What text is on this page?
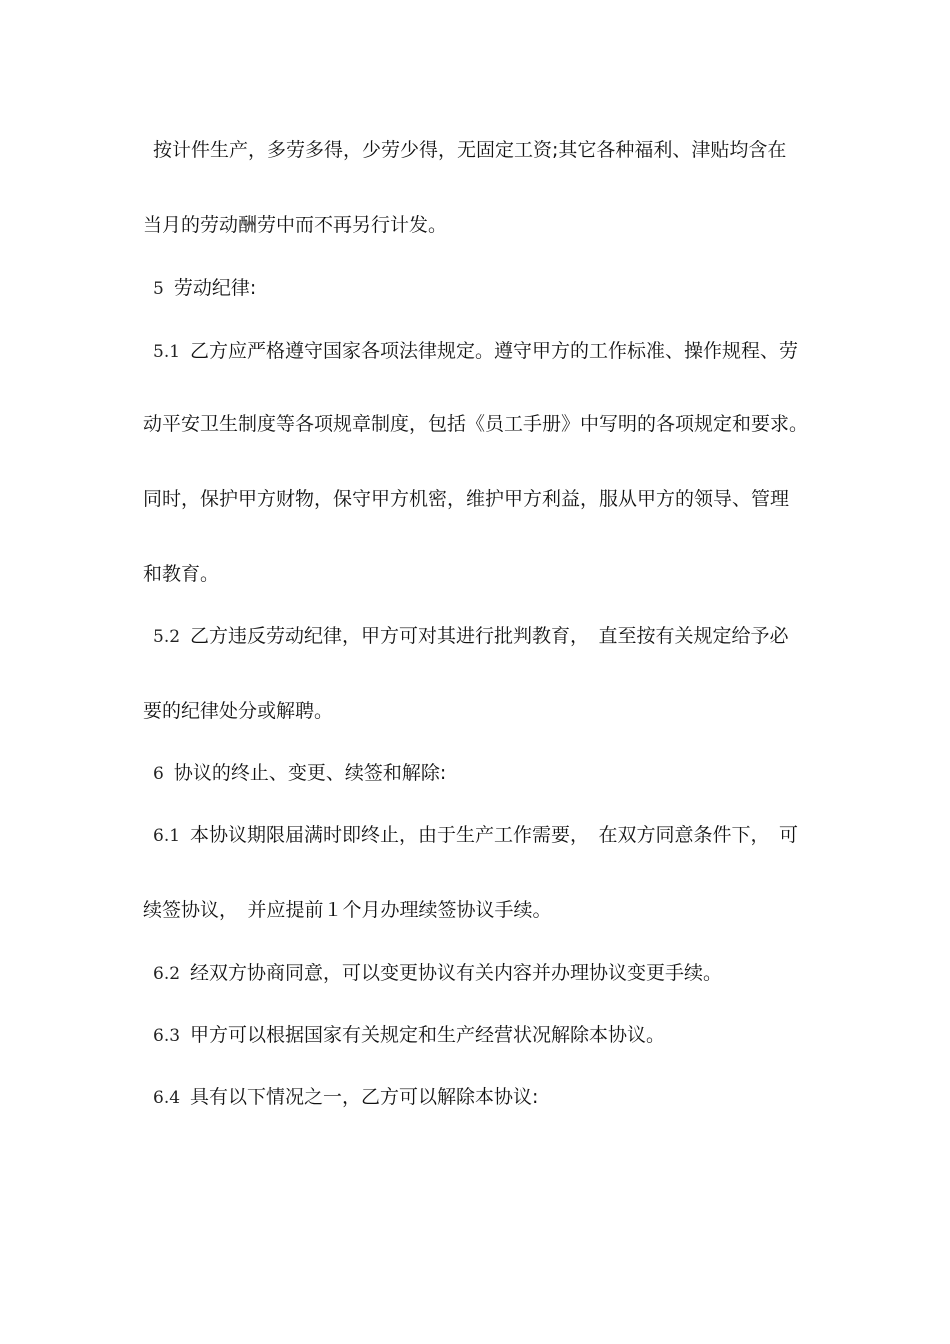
按计件生产，多劳多得，少劳少得，无固定工资;其它各种福利、津贴均含在
当月的劳动酬劳中而不再另行计发。
5 劳动纪律:
5.1 乙方应严格遵守国家各项法律规定。遵守甲方的工作标准、操作规程、劳
动平安卫生制度等各项规章制度，包括《员工手册》中写明的各项规定和要求。
同时，保护甲方财物，保守甲方机密，维护甲方利益，服从甲方的领导、管理
和教育。
5.2 乙方违反劳动纪律，甲方可对其进行批判教育，　直至按有关规定给予必
要的纪律处分或解聘。
6 协议的终止、变更、续签和解除:
6.1 本协议期限届满时即终止，由于生产工作需要，　在双方同意条件下，　可
续签协议，　并应提前１个月办理续签协议手续。
6.2 经双方协商同意，可以变更协议有关内容并办理协议变更手续。
6.3 甲方可以根据国家有关规定和生产经营状况解除本协议。
6.4 具有以下情况之一，乙方可以解除本协议:
